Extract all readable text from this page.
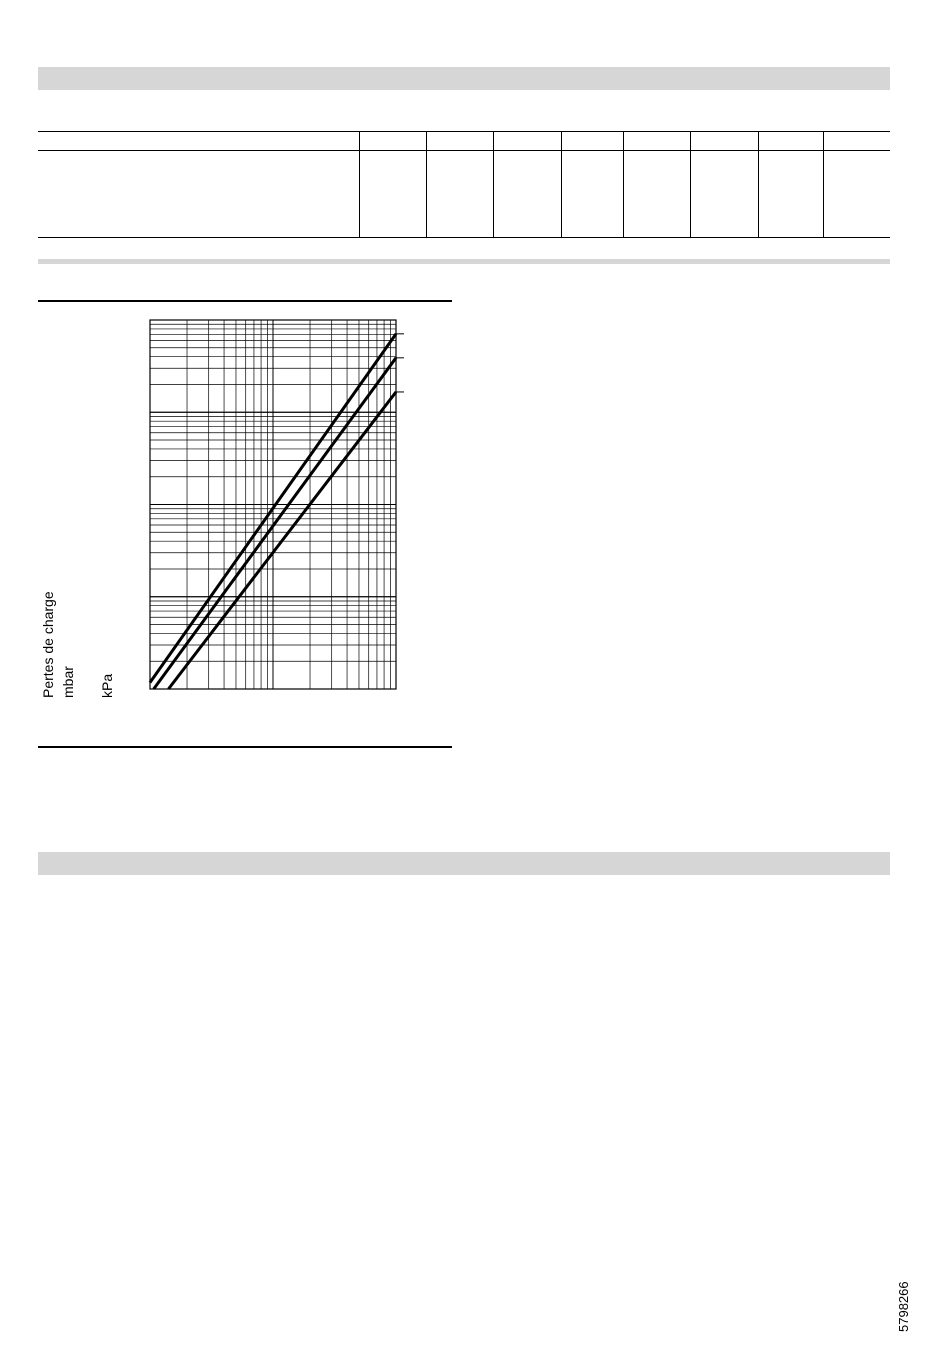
Pertes de charge mbar kPa
5798266
